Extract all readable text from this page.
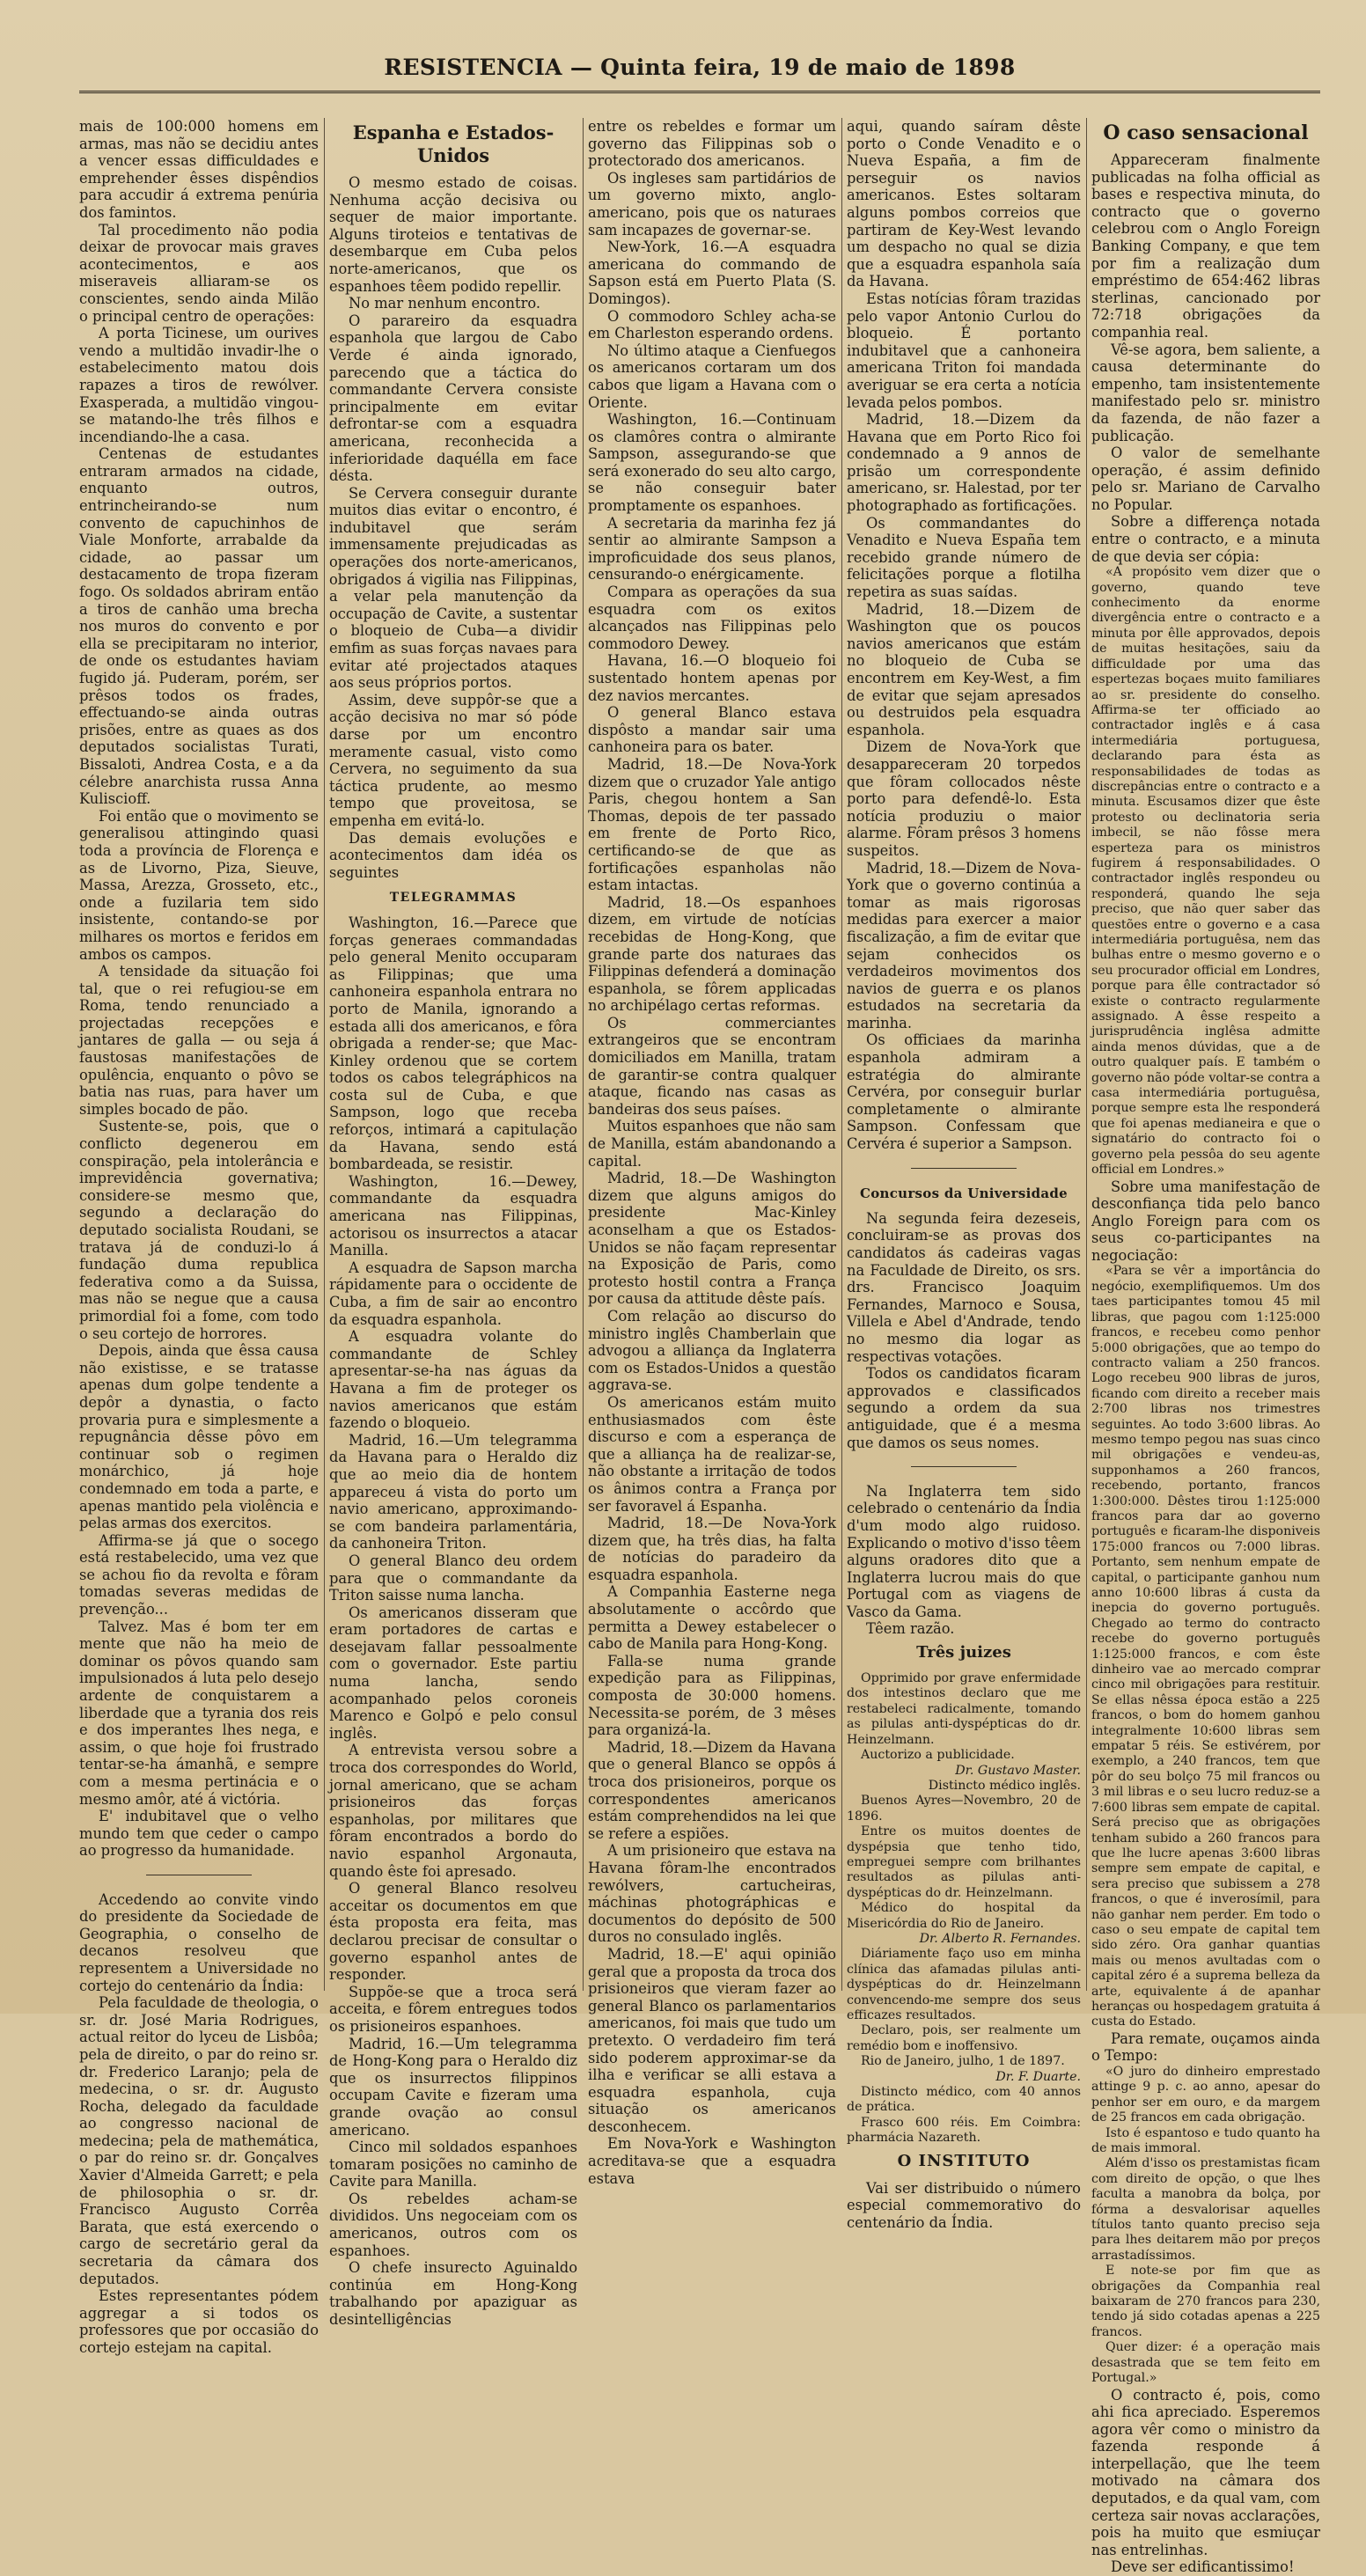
RESISTENCIA — Quinta feira, 19 de maio de 1898

mais de 100:000 homens em armas, mas não se decidiu antes a vencer essas difficuldades e emprehender êsses dispêndios para accudir á extrema penúria dos famintos.

Tal procedimento não podia deixar de provocar mais graves acontecimentos, e aos miseraveis alliaram-se os conscientes, sendo ainda Milão o principal centro de operações:

A porta Ticinese, um ourives vendo a multidão invadir-lhe o estabelecimento matou dois rapazes a tiros de rewólver. Exasperada, a multidão vingou-se matando-lhe três filhos e incendiando-lhe a casa.

Centenas de estudantes entraram armados na cidade, enquanto outros, entrincheirando-se num convento de capuchinhos de Viale Monforte, arrabalde da cidade, ao passar um destacamento de tropa fizeram fogo. Os soldados abriram então a tiros de canhão uma brecha nos muros do convento e por ella se precipitaram no interior, de onde os estudantes haviam fugido já. Puderam, porém, ser prêsos todos os frades, effectuando-se ainda outras prisões, entre as quaes as dos deputados socialistas Turati, Bissaloti, Andrea Costa, e a da célebre anarchista russa Anna Kuliscioff.

Foi então que o movimento se generalisou attingindo quasi toda a província de Florença e as de Livorno, Piza, Sieuve, Massa, Arezza, Grosseto, etc., onde a fuzilaria tem sido insistente, contando-se por milhares os mortos e feridos em ambos os campos.

A tensidade da situação foi tal, que o rei refugiou-se em Roma, tendo renunciado a projectadas recepções e jantares de galla — ou seja á faustosas manifestações de opulência, enquanto o pôvo se batia nas ruas, para haver um simples bocado de pão.

Sustente-se, pois, que o conflicto degenerou em conspiração, pela intolerância e imprevidência governativa; considere-se mesmo que, segundo a declaração do deputado socialista Roudani, se tratava já de conduzi-lo á fundação duma republica federativa como a da Suissa, mas não se negue que a causa primordial foi a fome, com todo o seu cortejo de horrores.

Depois, ainda que êssa causa não existisse, e se tratasse apenas dum golpe tendente a depôr a dynastia, o facto provaria pura e simplesmente a repugnância dêsse pôvo em continuar sob o regimen monárchico, já hoje condemnado em toda a parte, e apenas mantido pela violência e pelas armas dos exercitos.

Affirma-se já que o socego está restabelecido, uma vez que se achou fio da revolta e fôram tomadas severas medidas de prevenção...

Talvez. Mas é bom ter em mente que não ha meio de dominar os pôvos quando sam impulsionados á luta pelo desejo ardente de conquistarem a liberdade que a tyrania dos reis e dos imperantes lhes nega, e assim, o que hoje foi frustrado tentar-se-ha ámanhã, e sempre com a mesma pertinácia e o mesmo amôr, até á victória.

E' indubitavel que o velho mundo tem que ceder o campo ao progresso da humanidade.

Accedendo ao convite vindo do presidente da Sociedade de Geographia, o conselho de decanos resolveu que representem a Universidade no cortejo do centenário da Índia:

Pela faculdade de theologia, o sr. dr. José Maria Rodrigues, actual reitor do lyceu de Lisbôa; pela de direito, o par do reino sr. dr. Frederico Laranjo; pela de medecina, o sr. dr. Augusto Rocha, delegado da faculdade ao congresso nacional de medecina; pela de mathemática, o par do reino sr. dr. Gonçalves Xavier d'Almeida Garrett; e pela de philosophia o sr. dr. Francisco Augusto Corrêa Barata, que está exercendo o cargo de secretário geral da secretaria da câmara dos deputados.

Estes representantes pódem aggregar a si todos os professores que por occasião do cortejo estejam na capital.

Espanha e Estados-Unidos

O mesmo estado de coisas. Nenhuma acção decisiva ou sequer de maior importante. Alguns tiroteios e tentativas de desembarque em Cuba pelos norte-americanos, que os espanhoes têem podido repellir.

No mar nenhum encontro.

O parareiro da esquadra espanhola que largou de Cabo Verde é ainda ignorado, parecendo que a táctica do commandante Cervera consiste principalmente em evitar defrontar-se com a esquadra americana, reconhecida a inferioridade daquélla em face désta.

Se Cervera conseguir durante muitos dias evitar o encontro, é indubitavel que serám immensamente prejudicadas as operações dos norte-americanos, obrigados á vigilia nas Filippinas, a velar pela manutenção da occupação de Cavite, a sustentar o bloqueio de Cuba—a dividir emfim as suas forças navaes para evitar até projectados ataques aos seus próprios portos.

Assim, deve suppôr-se que a acção decisiva no mar só póde darse por um encontro meramente casual, visto como Cervera, no seguimento da sua táctica prudente, ao mesmo tempo que proveitosa, se empenha em evitá-lo.

Das demais evoluções e acontecimentos dam idéa os seguintes

TELEGRAMMAS

Washington, 16.—Parece que forças generaes commandadas pelo general Menito occuparam as Filippinas; que uma canhoneira espanhola entrara no porto de Manila, ignorando a estada alli dos americanos, e fôra obrigada a render-se; que Mac-Kinley ordenou que se cortem todos os cabos telegráphicos na costa sul de Cuba, e que Sampson, logo que receba reforços, intimará a capitulação da Havana, sendo está bombardeada, se resistir.

Washington, 16.—Dewey, commandante da esquadra americana nas Filippinas, actorisou os insurrectos a atacar Manilla.

A esquadra de Sapson marcha rápidamente para o occidente de Cuba, a fim de sair ao encontro da esquadra espanhola.

A esquadra volante do commandante de Schley apresentar-se-ha nas águas da Havana a fim de proteger os navios americanos que estám fazendo o bloqueio.

Madrid, 16.—Um telegramma da Havana para o Heraldo diz que ao meio dia de hontem appareceu á vista do porto um navio americano, approximando-se com bandeira parlamentária, da canhoneira Triton.

O general Blanco deu ordem para que o commandante da Triton saisse numa lancha.

Os americanos disseram que eram portadores de cartas e desejavam fallar pessoalmente com o governador. Este partiu numa lancha, sendo acompanhado pelos coroneis Marenco e Golpó e pelo consul inglês.

A entrevista versou sobre a troca dos correspondes do World, jornal americano, que se acham prisioneiros das forças espanholas, por militares que fôram encontrados a bordo do navio espanhol Argonauta, quando êste foi apresado.

O general Blanco resolveu acceitar os documentos em que ésta proposta era feita, mas declarou precisar de consultar o governo espanhol antes de responder.

Suppõe-se que a troca será acceita, e fôrem entregues todos os prisioneiros espanhoes.

Madrid, 16.—Um telegramma de Hong-Kong para o Heraldo diz que os insurrectos filippinos occupam Cavite e fizeram uma grande ovação ao consul americano.

Cinco mil soldados espanhoes tomaram posições no caminho de Cavite para Manilla.

Os rebeldes acham-se divididos. Uns negoceiam com os americanos, outros com os espanhoes.

O chefe insurecto Aguinaldo continúa em Hong-Kong trabalhando por apaziguar as desintelligências

entre os rebeldes e formar um governo das Filippinas sob o protectorado dos americanos.

Os ingleses sam partidários de um governo mixto, anglo-americano, pois que os naturaes sam incapazes de governar-se.

New-York, 16.—A esquadra americana do commando de Sapson está em Puerto Plata (S. Domingos).

O commodoro Schley acha-se em Charleston esperando ordens.

No último ataque a Cienfuegos os americanos cortaram um dos cabos que ligam a Havana com o Oriente.

Washington, 16.—Continuam os clamôres contra o almirante Sampson, assegurando-se que será exonerado do seu alto cargo, se não conseguir bater promptamente os espanhoes.

A secretaria da marinha fez já sentir ao almirante Sampson a improficuidade dos seus planos, censurando-o enérgicamente.

Compara as operações da sua esquadra com os exitos alcançados nas Filippinas pelo commodoro Dewey.

Havana, 16.—O bloqueio foi sustentado hontem apenas por dez navios mercantes.

O general Blanco estava dispôsto a mandar sair uma canhoneira para os bater.

Madrid, 18.—De Nova-York dizem que o cruzador Yale antigo Paris, chegou hontem a San Thomas, depois de ter passado em frente de Porto Rico, certificando-se de que as fortificações espanholas não estam intactas.

Madrid, 18.—Os espanhoes dizem, em virtude de notícias recebidas de Hong-Kong, que grande parte dos naturaes das Filippinas defenderá a dominação espanhola, se fôrem applicadas no archipélago certas reformas.

Os commerciantes extrangeiros que se encontram domiciliados em Manilla, tratam de garantir-se contra qualquer ataque, ficando nas casas as bandeiras dos seus países.

Muitos espanhoes que não sam de Manilla, estám abandonando a capital.

Madrid, 18.—De Washington dizem que alguns amigos do presidente Mac-Kinley aconselham a que os Estados-Unidos se não façam representar na Exposição de Paris, como protesto hostil contra a França por causa da attitude dêste país.

Com relação ao discurso do ministro inglês Chamberlain que advogou a alliança da Inglaterra com os Estados-Unidos a questão aggrava-se.

Os americanos estám muito enthusiasmados com êste discurso e com a esperança de que a alliança ha de realizar-se, não obstante a irritação de todos os ânimos contra a França por ser favoravel á Espanha.

Madrid, 18.—De Nova-York dizem que, ha três dias, ha falta de notícias do paradeiro da esquadra espanhola.

A Companhia Easterne nega absolutamente o accôrdo que permitta a Dewey estabelecer o cabo de Manila para Hong-Kong.

Falla-se numa grande expedição para as Filippinas, composta de 30:000 homens. Necessita-se porém, de 3 mêses para organizá-la.

Madrid, 18.—Dizem da Havana que o general Blanco se oppôs á troca dos prisioneiros, porque os correspondentes americanos estám comprehendidos na lei que se refere a espiões.

A um prisioneiro que estava na Havana fôram-lhe encontrados rewólvers, cartucheiras, máchinas photográphicas e documentos do depósito de 500 duros no consulado inglês.

Madrid, 18.—E' aqui opinião geral que a proposta da troca dos prisioneiros que vieram fazer ao general Blanco os parlamentarios americanos, foi mais que tudo um pretexto. O verdadeiro fim terá sido poderem approximar-se da ilha e verificar se alli estava a esquadra espanhola, cuja situação os americanos desconhecem.

Em Nova-York e Washington acreditava-se que a esquadra estava

aqui, quando saíram dêste porto o Conde Venadito e o Nueva España, a fim de perseguir os navios americanos. Estes soltaram alguns pombos correios que partiram de Key-West levando um despacho no qual se dizia que a esquadra espanhola saía da Havana.

Estas notícias fôram trazidas pelo vapor Antonio Curlou do bloqueio. É portanto indubitavel que a canhoneira americana Triton foi mandada averiguar se era certa a notícia levada pelos pombos.

Madrid, 18.—Dizem da Havana que em Porto Rico foi condemnado a 9 annos de prisão um correspondente americano, sr. Halestad, por ter photographado as fortificações.

Os commandantes do Venadito e Nueva España tem recebido grande número de felicitações porque a flotilha repetira as suas saídas.

Madrid, 18.—Dizem de Washington que os poucos navios americanos que estám no bloqueio de Cuba se encontrem em Key-West, a fim de evitar que sejam apresados ou destruidos pela esquadra espanhola.

Dizem de Nova-York que desappareceram 20 torpedos que fôram collocados nêste porto para defendê-lo. Esta notícia produziu o maior alarme. Fôram prêsos 3 homens suspeitos.

Madrid, 18.—Dizem de Nova-York que o governo continúa a tomar as mais rigorosas medidas para exercer a maior fiscalização, a fim de evitar que sejam conhecidos os verdadeiros movimentos dos navios de guerra e os planos estudados na secretaria da marinha.

Os officiaes da marinha espanhola admiram a estratégia do almirante Cervéra, por conseguir burlar completamente o almirante Sampson. Confessam que Cervéra é superior a Sampson.

Concursos da Universidade

Na segunda feira dezeseis, concluiram-se as provas dos candidatos ás cadeiras vagas na Faculdade de Direito, os srs. drs. Francisco Joaquim Fernandes, Marnoco e Sousa, Villela e Abel d'Andrade, tendo no mesmo dia logar as respectivas votações.

Todos os candidatos ficaram approvados e classificados segundo a ordem da sua antiguidade, que é a mesma que damos os seus nomes.

Na Inglaterra tem sido celebrado o centenário da Índia d'um modo algo ruidoso. Explicando o motivo d'isso têem alguns oradores dito que a Inglaterra lucrou mais do que Portugal com as viagens de Vasco da Gama.

Têem razão.

Três juizes

Opprimido por grave enfermidade dos intestinos declaro que me restabeleci radicalmente, tomando as pilulas anti-dyspépticas do dr. Heinzelmann.

Auctorizo a publicidade.

Dr. Gustavo Master.
Distincto médico inglês.

Buenos Ayres—Novembro, 20 de 1896.

Entre os muitos doentes de dyspépsia que tenho tido, empreguei sempre com brilhantes resultados as pilulas anti-dyspépticas do dr. Heinzelmann.

Médico do hospital da Misericórdia do Rio de Janeiro.

Dr. Alberto R. Fernandes.

Diáriamente faço uso em minha clínica das afamadas pilulas anti-dyspépticas do dr. Heinzelmann convencendo-me sempre dos seus efficazes resultados.

Declaro, pois, ser realmente um remédio bom e inoffensivo.

Rio de Janeiro, julho, 1 de 1897.

Dr. F. Duarte.

Distincto médico, com 40 annos de prática.

Frasco 600 réis. Em Coimbra: pharmácia Nazareth.

O INSTITUTO

Vai ser distribuido o número especial commemorativo do centenário da Índia.

O caso sensacional

Appareceram finalmente publicadas na folha official as bases e respectiva minuta, do contracto que o governo celebrou com o Anglo Foreign Banking Company, e que tem por fim a realização dum empréstimo de 654:462 libras sterlinas, cancionado por 72:718 obrigações da companhia real.

Vê-se agora, bem saliente, a causa determinante do empenho, tam insistentemente manifestado pelo sr. ministro da fazenda, de não fazer a publicação.

O valor de semelhante operação, é assim definido pelo sr. Mariano de Carvalho no Popular.

Sobre a differença notada entre o contracto, e a minuta de que devia ser cópia:

«A propósito vem dizer que o governo, quando teve conhecimento da enorme divergência entre o contracto e a minuta por êlle approvados, depois de muitas hesitações, saiu da difficuldade por uma das espertezas boçaes muito familiares ao sr. presidente do conselho. Affirma-se ter officiado ao contractador inglês e á casa intermediária portuguesa, declarando para ésta as responsabilidades de todas as discrepâncias entre o contracto e a minuta. Escusamos dizer que êste protesto ou declinatoria seria imbecil, se não fôsse mera esperteza para os ministros fugirem á responsabilidades. O contractador inglês respondeu ou responderá, quando lhe seja preciso, que não quer saber das questões entre o governo e a casa intermediária portuguêsa, nem das bulhas entre o mesmo governo e o seu procurador official em Londres, porque para êlle contractador só existe o contracto regularmente assignado. A êsse respeito a jurisprudência inglêsa admitte ainda menos dúvidas, que a de outro qualquer país. E também o governo não póde voltar-se contra a casa intermediária portuguêsa, porque sempre esta lhe responderá que foi apenas medianeira e que o signatário do contracto foi o governo pela pessôa do seu agente official em Londres.»

Sobre uma manifestação de desconfiança tida pelo banco Anglo Foreign para com os seus co-participantes na negociação:

«Para se vêr a importância do negócio, exemplifiquemos. Um dos taes participantes tomou 45 mil libras, que pagou com 1:125:000 francos, e recebeu como penhor 5:000 obrigações, que ao tempo do contracto valiam a 250 francos. Logo recebeu 900 libras de juros, ficando com direito a receber mais 2:700 libras nos trimestres seguintes. Ao todo 3:600 libras. Ao mesmo tempo pegou nas suas cinco mil obrigações e vendeu-as, supponhamos a 260 francos, recebendo, portanto, francos 1:300:000. Dêstes tirou 1:125:000 francos para dar ao governo português e ficaram-lhe disponiveis 175:000 francos ou 7:000 libras. Portanto, sem nenhum empate de capital, o participante ganhou num anno 10:600 libras á custa da inepcia do governo português. Chegado ao termo do contracto recebe do governo português 1:125:000 francos, e com êste dinheiro vae ao mercado comprar cinco mil obrigações para restituir. Se ellas nêssa época estão a 225 francos, o bom do homem ganhou integralmente 10:600 libras sem empatar 5 réis. Se estivérem, por exemplo, a 240 francos, tem que pôr do seu bolço 75 mil francos ou 3 mil libras e o seu lucro reduz-se a 7:600 libras sem empate de capital. Será preciso que as obrigações tenham subido a 260 francos para que lhe lucre apenas 3:600 libras sempre sem empate de capital, e sera preciso que subissem a 278 francos, o que é inverosímil, para não ganhar nem perder. Em todo o caso o seu empate de capital tem sido zéro. Ora ganhar quantias mais ou menos avultadas com o capital zéro é a suprema belleza da arte, equivalente á de apanhar heranças ou hospedagem gratuita á custa do Estado.

Para remate, ouçamos ainda o Tempo:

«O juro do dinheiro emprestado attinge 9 p. c. ao anno, apesar do penhor ser em ouro, e da margem de 25 francos em cada obrigação.

Isto é espantoso e tudo quanto ha de mais immoral.

Além d'isso os prestamistas ficam com direito de opção, o que lhes faculta a manobra da bolça, por fórma a desvalorisar aquelles títulos tanto quanto preciso seja para lhes deitarem mão por preços arrastadíssimos.

E note-se por fim que as obrigações da Companhia real baixaram de 270 francos para 230, tendo já sido cotadas apenas a 225 francos.

Quer dizer: é a operação mais desastrada que se tem feito em Portugal.»

O contracto é, pois, como ahi fica apreciado. Esperemos agora vêr como o ministro da fazenda responde á interpellação, que lhe teem motivado na câmara dos deputados, e da qual vam, com certeza sair novas acclarações, pois ha muito que esmiuçar nas entrelinhas.

Deve ser edificantissimo!
